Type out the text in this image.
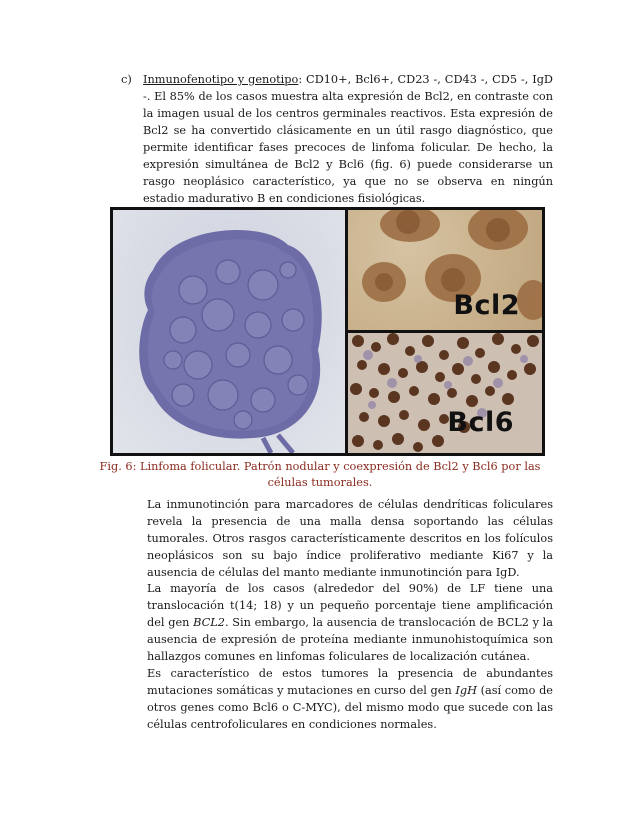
c) Inmunofenotipo y genotipo: CD10+, Bcl6+, CD23 -, CD43 -, CD5 -, IgD -. El 85% de los casos muestra alta expresión de Bcl2, en contraste con la imagen usual de los centros germinales reactivos. Esta expresión de Bcl2 se ha convertido clásicamente en un útil rasgo diagnóstico, que permite identificar fases precoces de linfoma folicular. De hecho, la expresión simultánea de Bcl2 y Bcl6 (fig. 6) puede considerarse un rasgo neoplásico característico, ya que no se observa en ningún estadio madurativo B en condiciones fisiológicas.
Bcl2
Bcl6
Fig. 6: Linfoma folicular. Patrón nodular y coexpresión de Bcl2 y Bcl6 por las células tumorales.
La inmunotinción para marcadores de células dendríticas foliculares revela la presencia de una malla densa soportando las células tumorales. Otros rasgos característicamente descritos en los folículos neoplásicos son su bajo índice proliferativo mediante Ki67 y la ausencia de células del manto mediante inmunotinción para IgD.
La mayoría de los casos (alrededor del 90%) de LF tiene una translocación t(14; 18) y un pequeño porcentaje tiene amplificación del gen BCL2. Sin embargo, la ausencia de translocación de BCL2 y la ausencia de expresión de proteína mediante inmunohistoquímica son hallazgos comunes en linfomas foliculares de localización cutánea.
Es característico de estos tumores la presencia de abundantes mutaciones somáticas y mutaciones en curso del gen IgH (así como de otros genes como Bcl6 o C-MYC), del mismo modo que sucede con las células centrofoliculares en condiciones normales.
